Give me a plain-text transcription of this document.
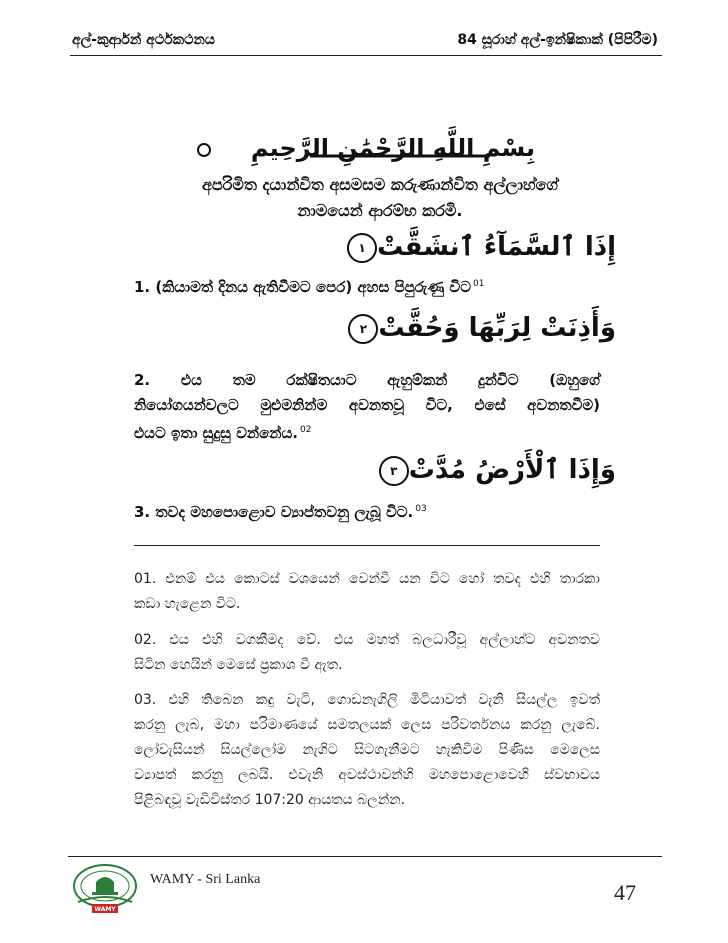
අල්-කුර්ආන් අර්ථකථනය	84 සූරාහ් අල්-ඉන්ෂිකාක් (පිපිරීම)
بِسْمِ اللَّهِ الرَّحْمَٰنِ الرَّحِيمِ
අපරිමිත දයාන්විත අසමසම කරුණාන්විත අල්ලාහ්ගේ
නාමයෙන් ආරම්භ කරමි.
إِذَا ٱلسَّمَآءُ ٱنشَقَّتْ١
1. (කියාමත් දිනය ඇතිවීමට පෙර) අහස පිපුරුණු විට $^{01}$
وَأَذِنَتْ لِرَبِّهَا وَحُقَّتْ٢

2. එය තම රක්ෂිතයාට ඇහුම්කන් දුන්විට (ඔහුගේ

නියෝගයන්වලට මුළුමනින්ම අවනතවූ විට, එසේ අවනතවීම)

එයට ඉතා සුදුසු වන්නේය. $^{02}$

وَإِذَا ٱلْأَرْضُ مُدَّتْ٣
3. තවද මහපොළොව ව්‍යාප්තවනු ලැබූ විට. $^{03}$

01. එනම් එය කොටස් වශයෙන් වෙන්වී යන විට හෝ තවද එහි තාරකා

කඩා හැළෙන විට.

02. එය එහි වගකීමද වේ. එය මහත් බලධාරීවූ අල්ලාහ්ට අවනතව

සිටින හෙයින් මෙසේ ප්‍රකාශ වී ඇත.

03. එහි තිබෙන කඳු වැටි, ගොඩනැගිලි මිටියාවත් වැනි සියල්ල ඉවත්

කරනු ලැබ, මහා පරිමාණයේ සමතලයක් ලෙස පරිවර්තනය කරනු ලැබේ.

ලෝවැසියන් සියල්ලෝම නැගිට සිටගැනීමට හැකිවීම පිණිස මෙලෙස

ව්‍යාපත් කරනු ලබයි. එවැනි අවස්ථාවන්හි මහපොළොවෙහි ස්වභාවය

පිළිබඳවූ වැඩිවිස්තර 107:20 ආයතය බලන්න.

WAMY
WAMY - Sri Lanka
47
